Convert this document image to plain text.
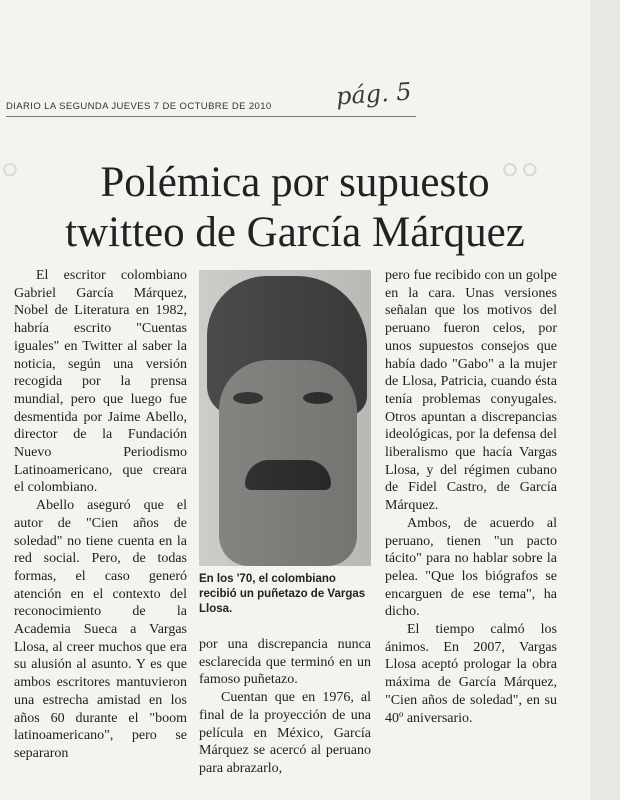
◦	◦◦
DIARIO LA SEGUNDA JUEVES 7 DE OCTUBRE DE 2010	pág. 5
Polémica por supuesto
twitteo de García Márquez

El escritor colombiano Gabriel García Márquez, Nobel de Literatura en 1982, habría escrito "Cuentas iguales" en Twitter al saber la noticia, según una versión recogida por la prensa mundial, pero que luego fue desmentida por Jaime Abello, director de la Fundación Nuevo Periodismo Latinoamericano, que creara el colombiano.

Abello aseguró que el autor de "Cien años de soledad" no tiene cuenta en la red social. Pero, de todas formas, el caso generó atención en el contexto del reconocimiento de la Academia Sueca a Vargas Llosa, al creer muchos que era su alusión al asunto. Y es que ambos escritores mantuvieron una estrecha amistad en los años 60 durante el "boom latinoamericano", pero se separaron

En los '70, el colombiano recibió un puñetazo de Vargas Llosa.

por una discrepancia nunca esclarecida que terminó en un famoso puñetazo.

Cuentan que en 1976, al final de la proyección de una película en México, García Márquez se acercó al peruano para abrazarlo,

pero fue recibido con un golpe en la cara. Unas versiones señalan que los motivos del peruano fueron celos, por unos supuestos consejos que había dado "Gabo" a la mujer de Llosa, Patricia, cuando ésta tenía problemas conyugales. Otros apuntan a discrepancias ideológicas, por la defensa del liberalismo que hacía Vargas Llosa, y del régimen cubano de Fidel Castro, de García Márquez.

Ambos, de acuerdo al peruano, tienen "un pacto tácito" para no hablar sobre la pelea. "Que los biógrafos se encarguen de ese tema", ha dicho.

El tiempo calmó los ánimos. En 2007, Vargas Llosa aceptó prologar la obra máxima de García Márquez, "Cien años de soledad", en su 40º aniversario.
